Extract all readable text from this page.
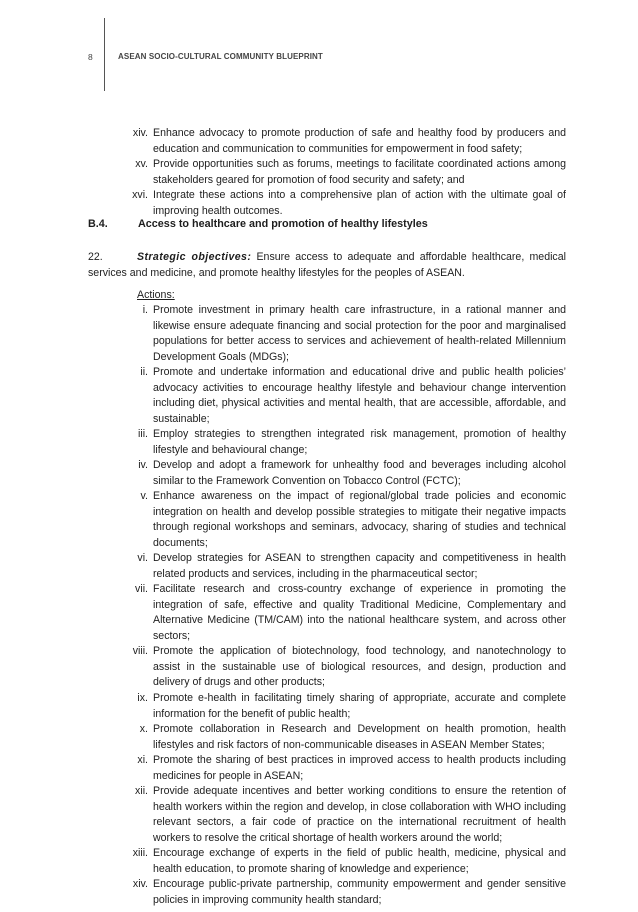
8	ASEAN SOCIO-CULTURAL COMMUNITY BLUEPRINT
xiv. Enhance advocacy to promote production of safe and healthy food by producers and education and communication to communities for empowerment in food safety;
xv. Provide opportunities such as forums, meetings to facilitate coordinated actions among stakeholders geared for promotion of food security and safety; and
xvi. Integrate these actions into a comprehensive plan of action with the ultimate goal of improving health outcomes.
B.4.	Access to healthcare and promotion of healthy lifestyles
22.	Strategic objectives: Ensure access to adequate and affordable healthcare, medical services and medicine, and promote healthy lifestyles for the peoples of ASEAN.
Actions:
i. Promote investment in primary health care infrastructure, in a rational manner and likewise ensure adequate financing and social protection for the poor and marginalised populations for better access to services and achievement of health-related Millennium Development Goals (MDGs);
ii. Promote and undertake information and educational drive and public health policies’ advocacy activities to encourage healthy lifestyle and behaviour change intervention including diet, physical activities and mental health, that are accessible, affordable, and sustainable;
iii. Employ strategies to strengthen integrated risk management, promotion of healthy lifestyle and behavioural change;
iv. Develop and adopt a framework for unhealthy food and beverages including alcohol similar to the Framework Convention on Tobacco Control (FCTC);
v. Enhance awareness on the impact of regional/global trade policies and economic integration on health and develop possible strategies to mitigate their negative impacts through regional workshops and seminars, advocacy, sharing of studies and technical documents;
vi. Develop strategies for ASEAN to strengthen capacity and competitiveness in health related products and services, including in the pharmaceutical sector;
vii. Facilitate research and cross-country exchange of experience in promoting the integration of safe, effective and quality Traditional Medicine, Complementary and Alternative Medicine (TM/CAM) into the national healthcare system, and across other sectors;
viii. Promote the application of biotechnology, food technology, and nanotechnology to assist in the sustainable use of biological resources, and design, production and delivery of drugs and other products;
ix. Promote e-health in facilitating timely sharing of appropriate, accurate and complete information for the benefit of public health;
x. Promote collaboration in Research and Development on health promotion, health lifestyles and risk factors of non-communicable diseases in ASEAN Member States;
xi. Promote the sharing of best practices in improved access to health products including medicines for people in ASEAN;
xii. Provide adequate incentives and better working conditions to ensure the retention of health workers within the region and develop, in close collaboration with WHO including relevant sectors, a fair code of practice on the international recruitment of health workers to resolve the critical shortage of health workers around the world;
xiii. Encourage exchange of experts in the field of public health, medicine, physical and health education, to promote sharing of knowledge and experience;
xiv. Encourage public-private partnership, community empowerment and gender sensitive policies in improving community health standard;
